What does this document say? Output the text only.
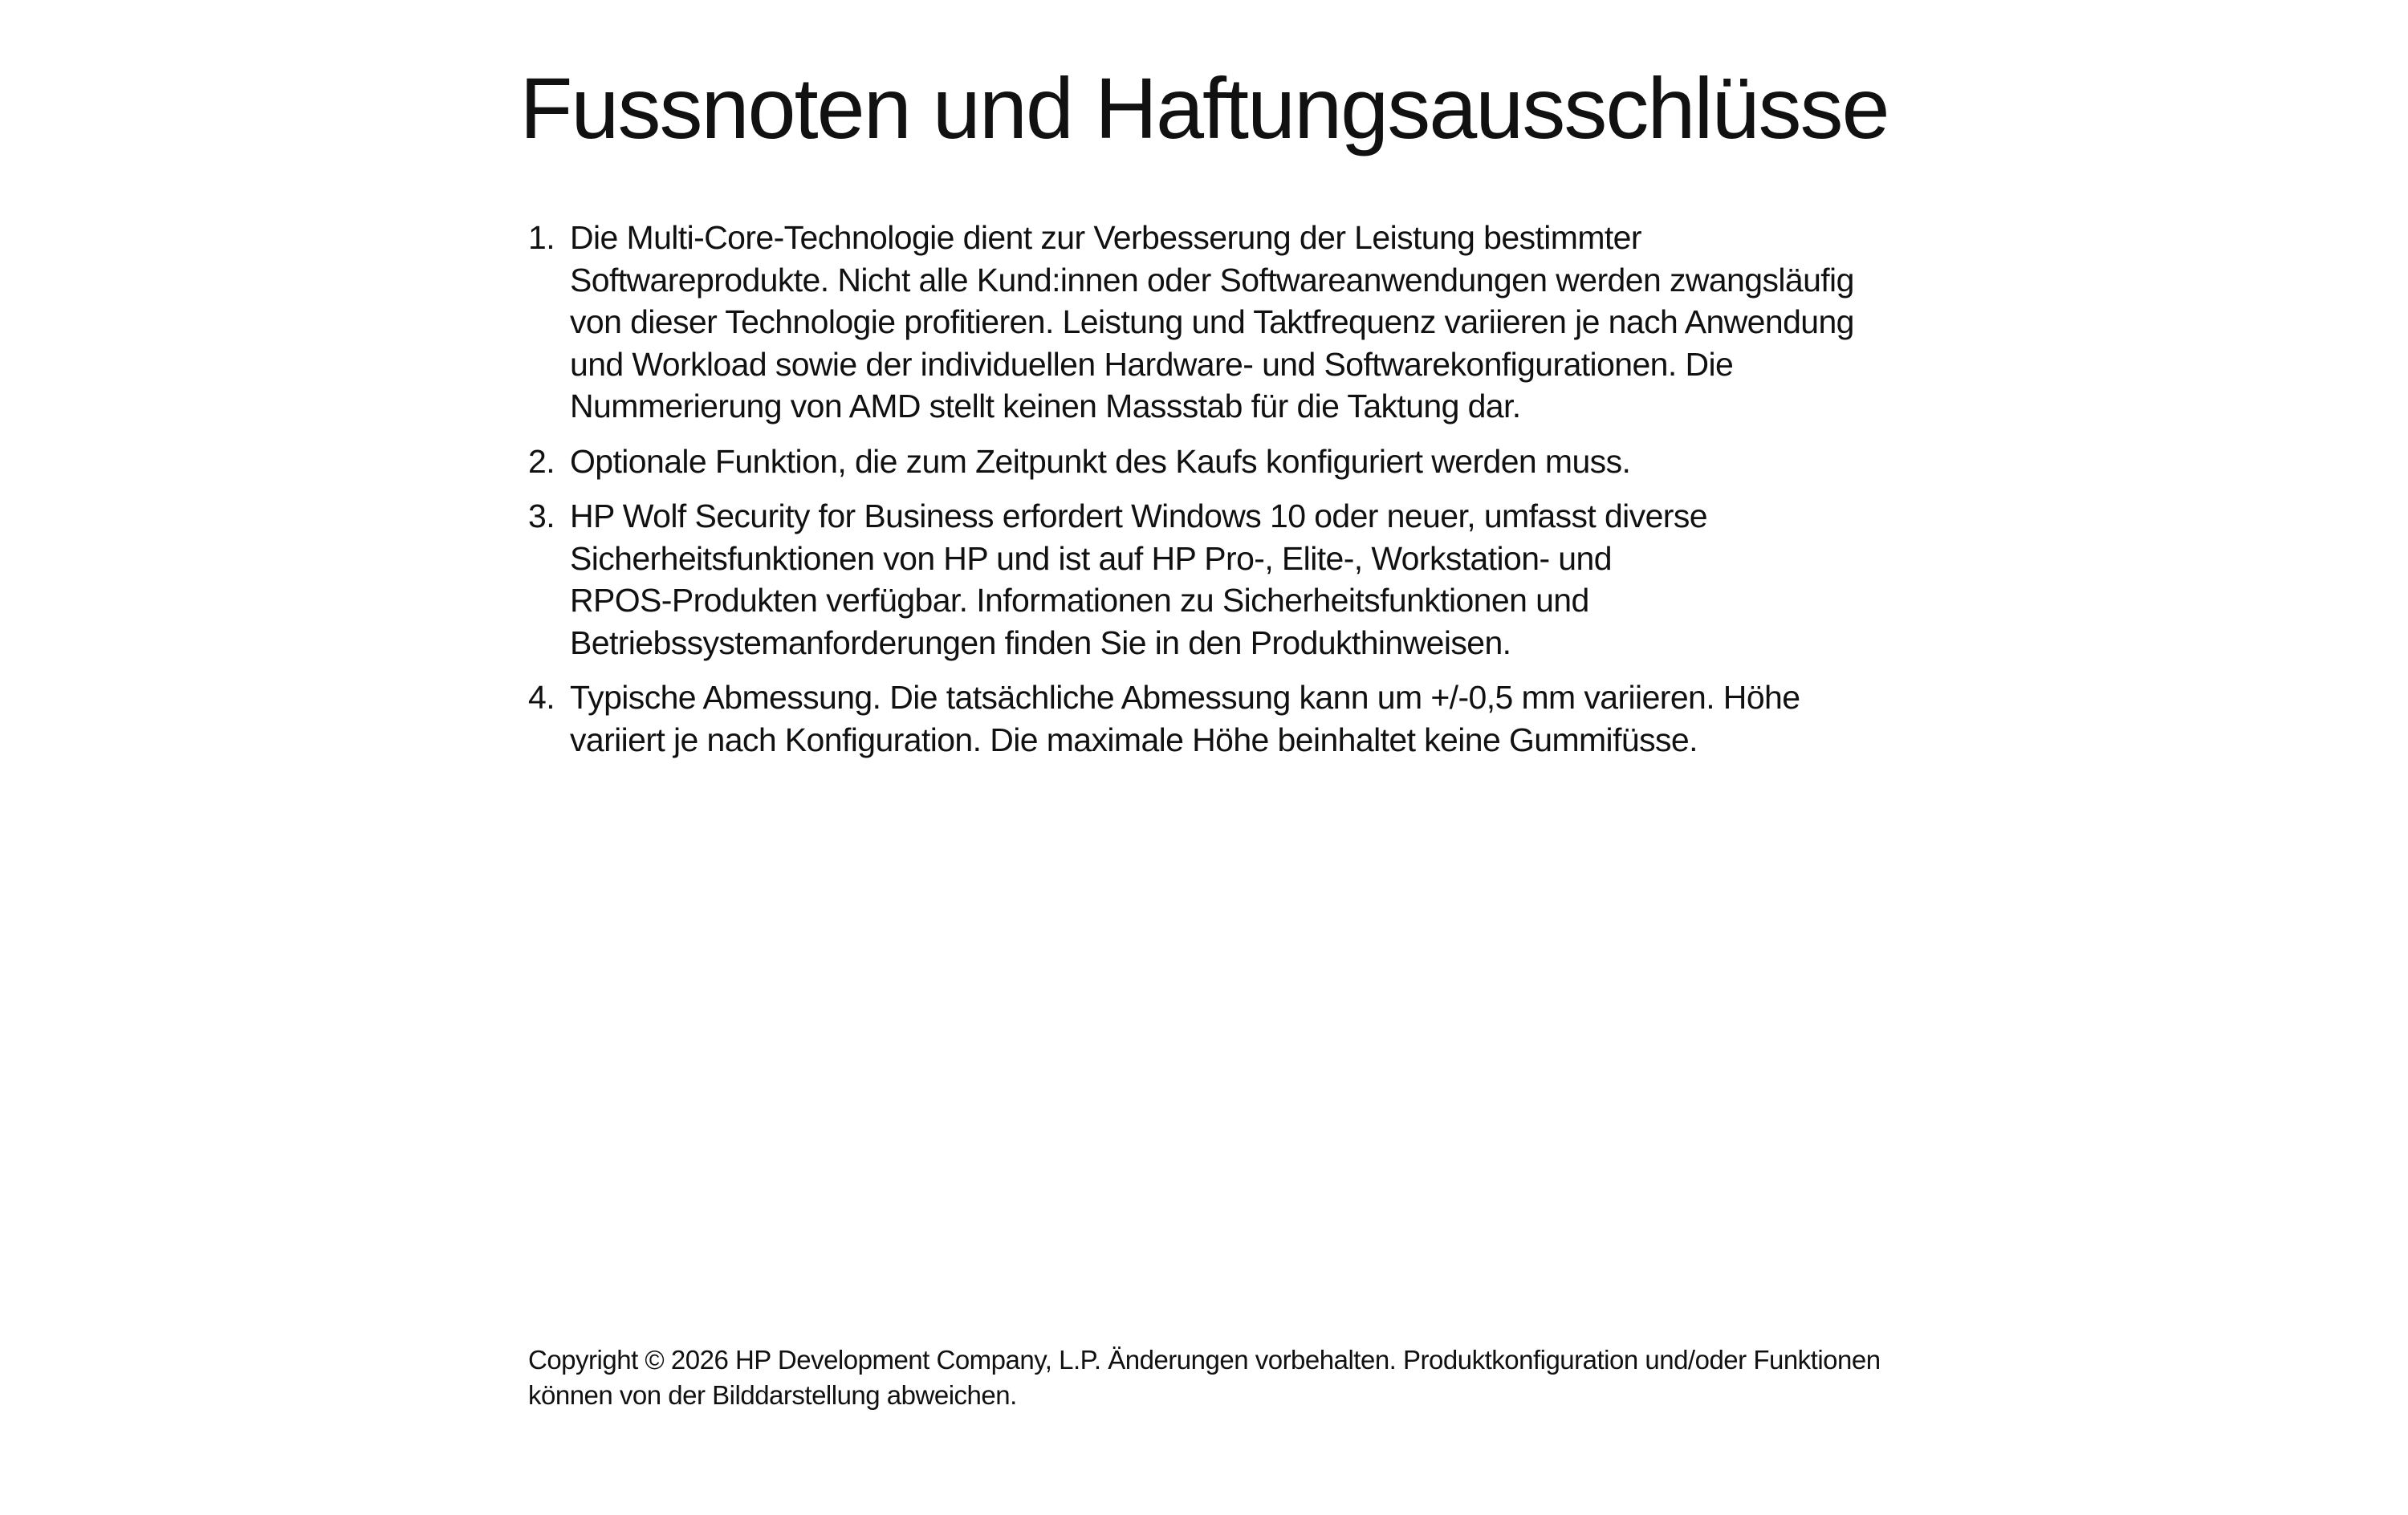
Fussnoten und Haftungsausschlüsse
1. Die Multi-Core-Technologie dient zur Verbesserung der Leistung bestimmter Softwareprodukte. Nicht alle Kund:innen oder Softwareanwendungen werden zwangsläufig von dieser Technologie profitieren. Leistung und Taktfrequenz variieren je nach Anwendung und Workload sowie der individuellen Hardware- und Softwarekonfigurationen. Die Nummerierung von AMD stellt keinen Massstab für die Taktung dar.
2. Optionale Funktion, die zum Zeitpunkt des Kaufs konfiguriert werden muss.
3. HP Wolf Security for Business erfordert Windows 10 oder neuer, umfasst diverse Sicherheitsfunktionen von HP und ist auf HP Pro-, Elite-, Workstation- und RPOS-Produkten verfügbar. Informationen zu Sicherheitsfunktionen und Betriebssystemanforderungen finden Sie in den Produkthinweisen.
4. Typische Abmessung. Die tatsächliche Abmessung kann um +/-0,5 mm variieren. Höhe variiert je nach Konfiguration. Die maximale Höhe beinhaltet keine Gummifüsse.

Copyright © 2026 HP Development Company, L.P. Änderungen vorbehalten. Produktkonfiguration und/oder Funktionen können von der Bilddarstellung abweichen.
